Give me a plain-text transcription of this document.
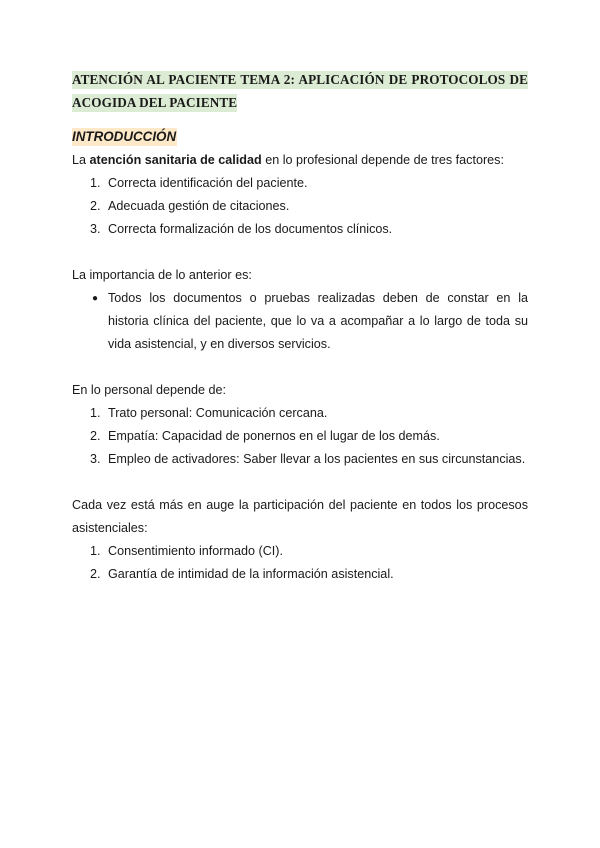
ATENCIÓN AL PACIENTE TEMA 2: APLICACIÓN DE PROTOCOLOS DE ACOGIDA DEL PACIENTE
INTRODUCCIÓN

La atención sanitaria de calidad en lo profesional depende de tres factores:

1. Correcta identificación del paciente.
2. Adecuada gestión de citaciones.
3. Correcta formalización de los documentos clínicos.

La importancia de lo anterior es:

● Todos los documentos o pruebas realizadas deben de constar en la historia clínica del paciente, que lo va a acompañar a lo largo de toda su vida asistencial, y en diversos servicios.

En lo personal depende de:

1. Trato personal: Comunicación cercana.
2. Empatía: Capacidad de ponernos en el lugar de los demás.
3. Empleo de activadores: Saber llevar a los pacientes en sus circunstancias.

Cada vez está más en auge la participación del paciente en todos los procesos asistenciales:

1. Consentimiento informado (CI).
2. Garantía de intimidad de la información asistencial.
